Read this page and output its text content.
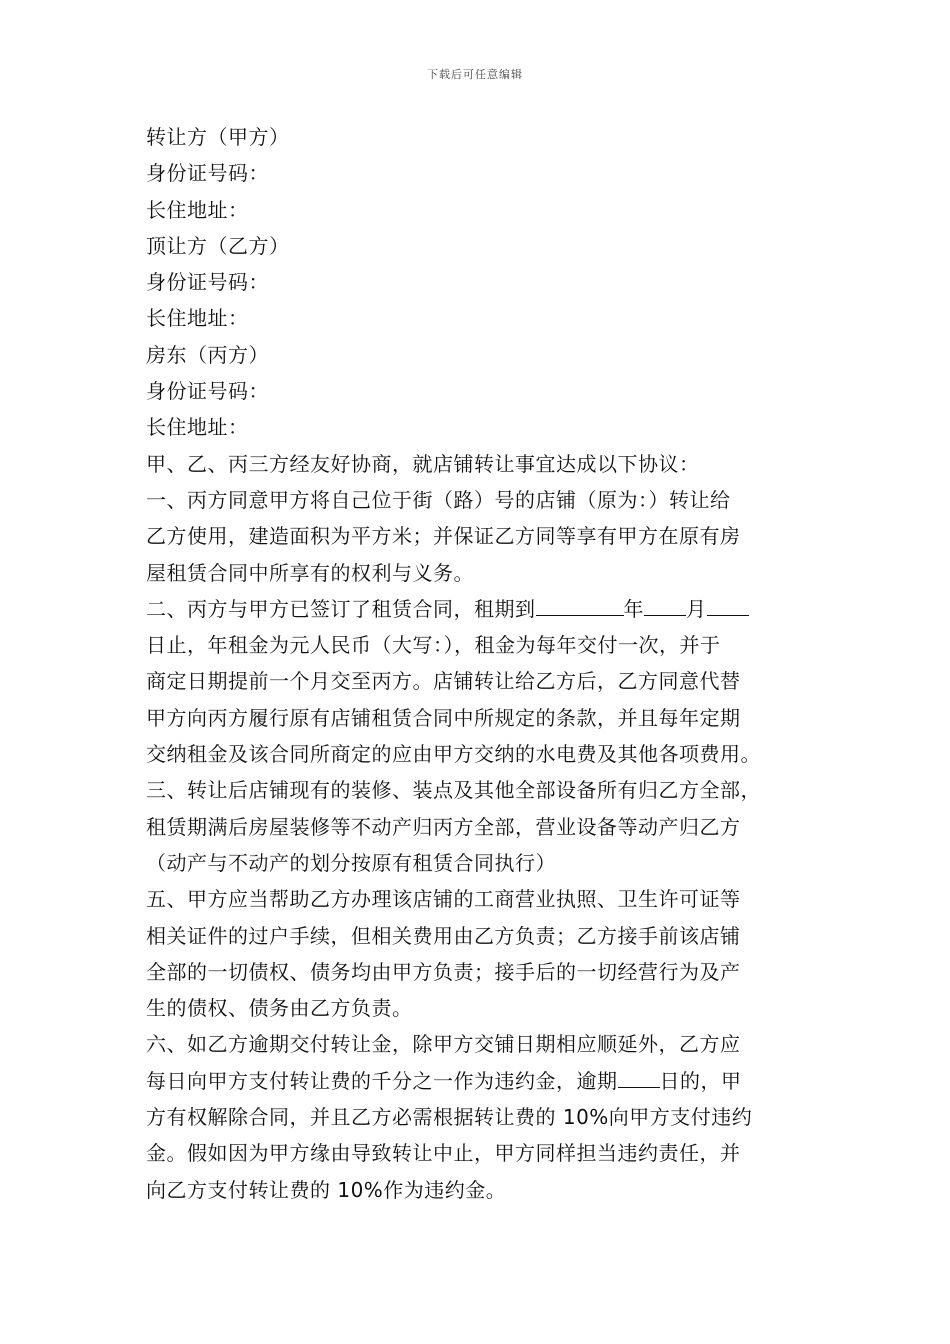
下载后可任意编辑
转让方（甲方）
身份证号码：
长住地址：
顶让方（乙方）
身份证号码：
长住地址：
房东（丙方）
身份证号码：
长住地址：
甲、乙、丙三方经友好协商，就店铺转让事宜达成以下协议：
一、丙方同意甲方将自己位于街（路）号的店铺（原为：）转让给
乙方使用，建造面积为平方米；并保证乙方同等享有甲方在原有房
屋租赁合同中所享有的权利与义务。
二、丙方与甲方已签订了租赁合同，租期到	年 月
日止，年租金为元人民币（大写：），租金为每年交付一次，并于
商定日期提前一个月交至丙方。店铺转让给乙方后，乙方同意代替
甲方向丙方履行原有店铺租赁合同中所规定的条款，并且每年定期
交纳租金及该合同所商定的应由甲方交纳的水电费及其他各项费用。
三、转让后店铺现有的装修、装点及其他全部设备所有归乙方全部，
租赁期满后房屋装修等不动产归丙方全部，营业设备等动产归乙方
（动产与不动产的划分按原有租赁合同执行）
五、甲方应当帮助乙方办理该店铺的工商营业执照、卫生许可证等
相关证件的过户手续，但相关费用由乙方负责；乙方接手前该店铺
全部的一切债权、债务均由甲方负责；接手后的一切经营行为及产
生的债权、债务由乙方负责。
六、如乙方逾期交付转让金，除甲方交铺日期相应顺延外，乙方应
每日向甲方支付转让费的千分之一作为违约金，逾期 日的，甲
方有权解除合同，并且乙方必需根据转让费的 10%向甲方支付违约
金。假如因为甲方缘由导致转让中止，甲方同样担当违约责任，并
向乙方支付转让费的 10%作为违约金。
